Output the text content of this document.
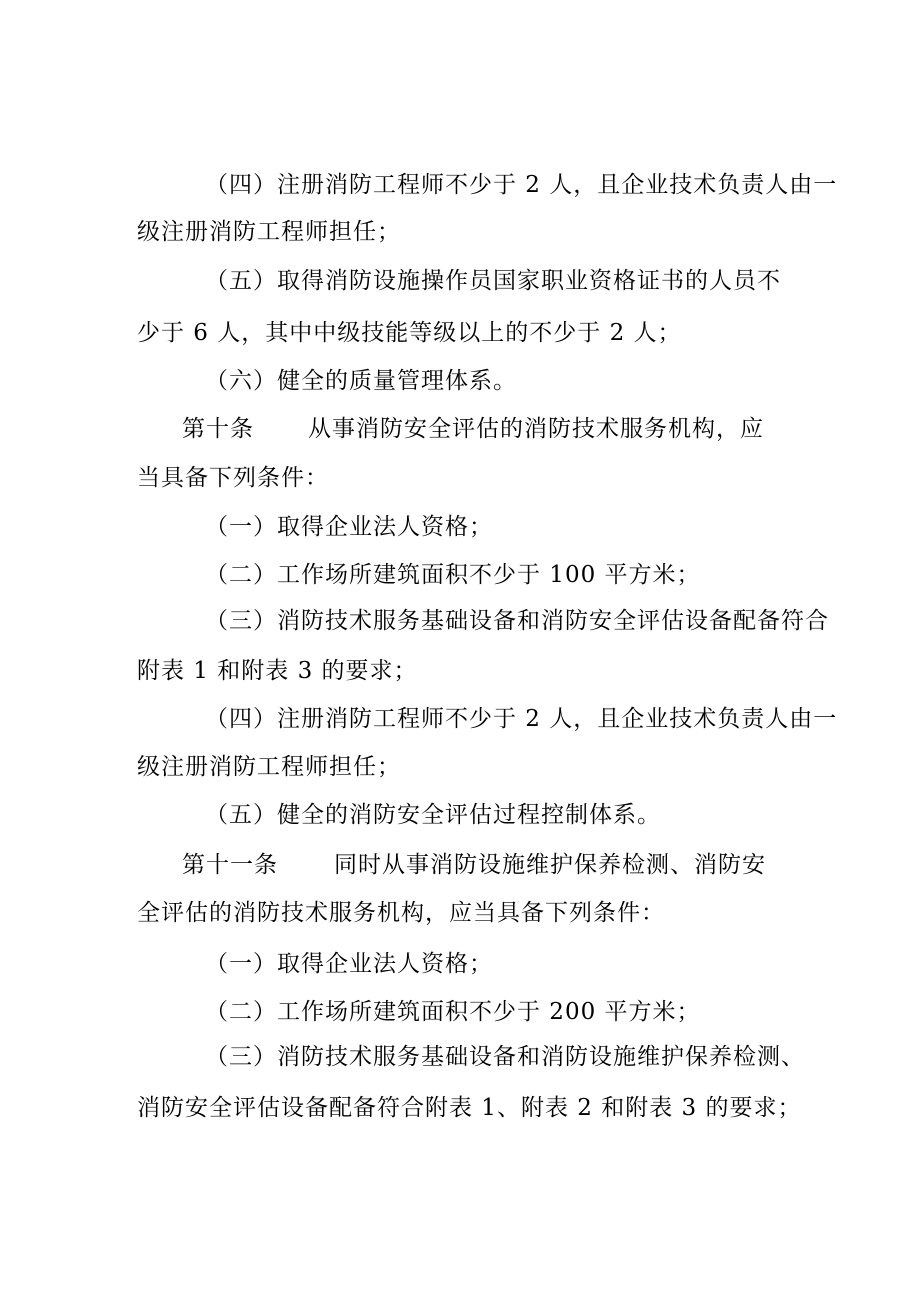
（四）注册消防工程师不少于 2 人，且企业技术负责人由一
级注册消防工程师担任；
（五）取得消防设施操作员国家职业资格证书的人员不
少于 6 人，其中中级技能等级以上的不少于 2 人；
（六）健全的质量管理体系。
第十条 从事消防安全评估的消防技术服务机构，应
当具备下列条件：
（一）取得企业法人资格；
（二）工作场所建筑面积不少于 100 平方米；
（三）消防技术服务基础设备和消防安全评估设备配备符合
附表 1 和附表 3 的要求；
（四）注册消防工程师不少于 2 人，且企业技术负责人由一
级注册消防工程师担任；
（五）健全的消防安全评估过程控制体系。
第十一条 同时从事消防设施维护保养检测、消防安
全评估的消防技术服务机构，应当具备下列条件：
（一）取得企业法人资格；
（二）工作场所建筑面积不少于 200 平方米；
（三）消防技术服务基础设备和消防设施维护保养检测、
消防安全评估设备配备符合附表 1、附表 2 和附表 3 的要求；
